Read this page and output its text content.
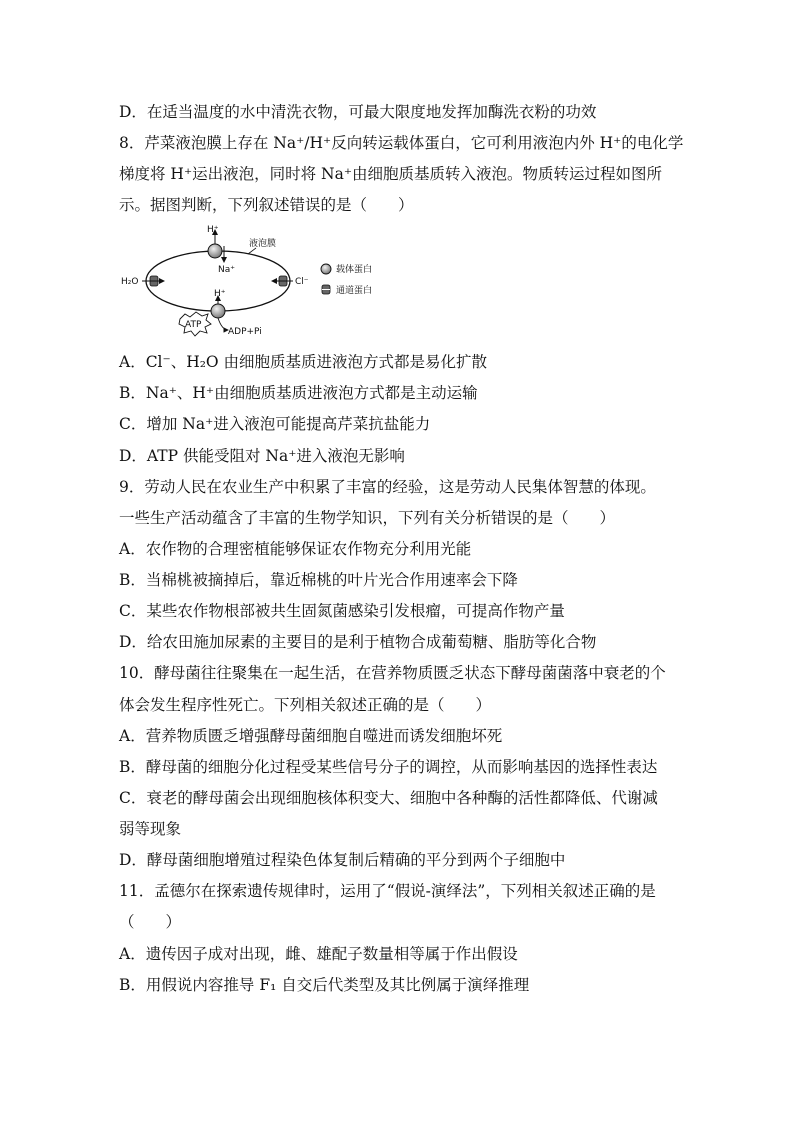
D．在适当温度的水中清洗衣物，可最大限度地发挥加酶洗衣粉的功效
8．芹菜液泡膜上存在 Na⁺/H⁺反向转运载体蛋白，它可利用液泡内外 H⁺的电化学
梯度将 H⁺运出液泡，同时将 Na⁺由细胞质基质转入液泡。物质转运过程如图所
示。据图判断，下列叙述错误的是（　　）
液泡膜
H⁺
Na⁺
H₂O	Cl⁻
H⁺
ATP
ADP+Pi
载体蛋白
通道蛋白
A．Cl⁻、H₂O 由细胞质基质进液泡方式都是易化扩散
B．Na⁺、H⁺由细胞质基质进液泡方式都是主动运输
C．增加 Na⁺进入液泡可能提高芹菜抗盐能力
D．ATP 供能受阻对 Na⁺进入液泡无影响
9．劳动人民在农业生产中积累了丰富的经验，这是劳动人民集体智慧的体现。
一些生产活动蕴含了丰富的生物学知识，下列有关分析错误的是（　　）
A．农作物的合理密植能够保证农作物充分利用光能
B．当棉桃被摘掉后，靠近棉桃的叶片光合作用速率会下降
C．某些农作物根部被共生固氮菌感染引发根瘤，可提高作物产量
D．给农田施加尿素的主要目的是利于植物合成葡萄糖、脂肪等化合物
10．酵母菌往往聚集在一起生活，在营养物质匮乏状态下酵母菌菌落中衰老的个
体会发生程序性死亡。下列相关叙述正确的是（　　）
A．营养物质匮乏增强酵母菌细胞自噬进而诱发细胞坏死
B．酵母菌的细胞分化过程受某些信号分子的调控，从而影响基因的选择性表达
C．衰老的酵母菌会出现细胞核体积变大、细胞中各种酶的活性都降低、代谢减
弱等现象
D．酵母菌细胞增殖过程染色体复制后精确的平分到两个子细胞中
11．孟德尔在探索遗传规律时，运用了“假说-演绎法”，下列相关叙述正确的是
（　　）
A．遗传因子成对出现，雌、雄配子数量相等属于作出假设
B．用假说内容推导 F₁ 自交后代类型及其比例属于演绎推理
